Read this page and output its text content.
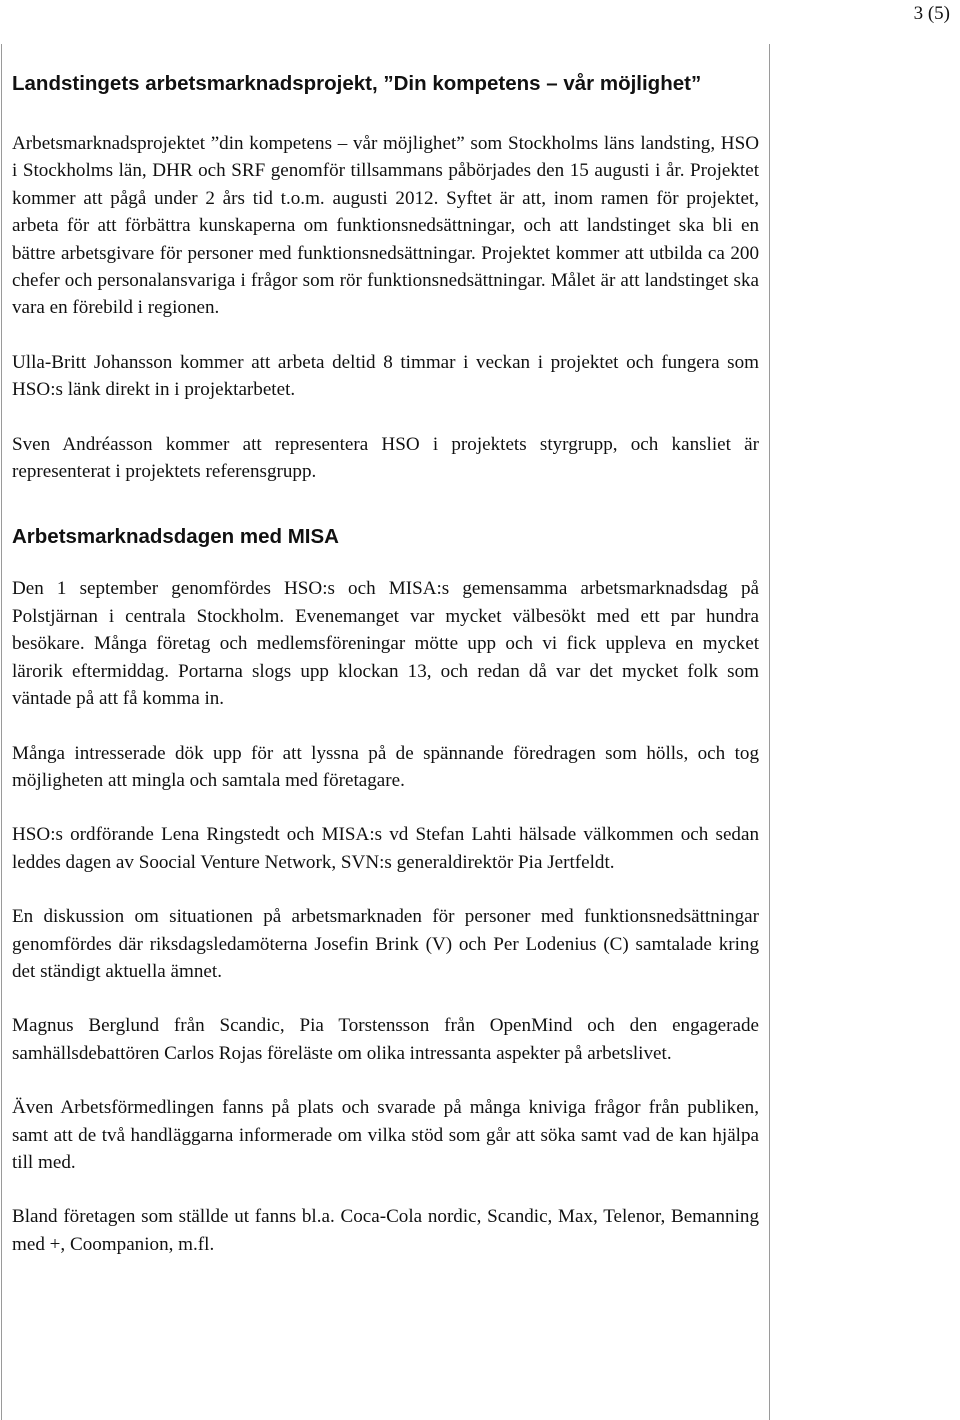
3 (5)
Landstingets arbetsmarknadsprojekt, ”Din kompetens – vår möjlighet”

Arbetsmarknadsprojektet ”din kompetens – vår möjlighet” som Stockholms läns landsting, HSO i Stockholms län, DHR och SRF genomför tillsammans påbörjades den 15 augusti i år. Projektet kommer att pågå under 2 års tid t.o.m. augusti 2012. Syftet är att, inom ramen för projektet, arbeta för att förbättra kunskaperna om funktionsnedsättningar, och att landstinget ska bli en bättre arbetsgivare för personer med funktionsnedsättningar. Projektet kommer att utbilda ca 200 chefer och personalansvariga i frågor som rör funktionsnedsättningar. Målet är att landstinget ska vara en förebild i regionen.

Ulla-Britt Johansson kommer att arbeta deltid 8 timmar i veckan i projektet och fungera som HSO:s länk direkt in i projektarbetet.

Sven Andréasson kommer att representera HSO i projektets styrgrupp, och kansliet är representerat i projektets referensgrupp.

Arbetsmarknadsdagen med MISA

Den 1 september genomfördes HSO:s och MISA:s gemensamma arbetsmarknadsdag på Polstjärnan i centrala Stockholm. Evenemanget var mycket välbesökt med ett par hundra besökare. Många företag och medlemsföreningar mötte upp och vi fick uppleva en mycket lärorik eftermiddag. Portarna slogs upp klockan 13, och redan då var det mycket folk som väntade på att få komma in.

Många intresserade dök upp för att lyssna på de spännande föredragen som hölls, och tog möjligheten att mingla och samtala med företagare.

HSO:s ordförande Lena Ringstedt och MISA:s vd Stefan Lahti hälsade välkommen och sedan leddes dagen av Soocial Venture Network, SVN:s generaldirektör Pia Jertfeldt.

En diskussion om situationen på arbetsmarknaden för personer med funktionsnedsättningar genomfördes där riksdagsledamöterna Josefin Brink (V) och Per Lodenius (C) samtalade kring det ständigt aktuella ämnet.

Magnus Berglund från Scandic, Pia Torstensson från OpenMind och den engagerade samhällsdebattören Carlos Rojas föreläste om olika intressanta aspekter på arbetslivet.

Även Arbetsförmedlingen fanns på plats och svarade på många kniviga frågor från publiken, samt att de två handläggarna informerade om vilka stöd som går att söka samt vad de kan hjälpa till med.

Bland företagen som ställde ut fanns bl.a. Coca-Cola nordic, Scandic, Max, Telenor, Bemanning med +, Coompanion, m.fl.
